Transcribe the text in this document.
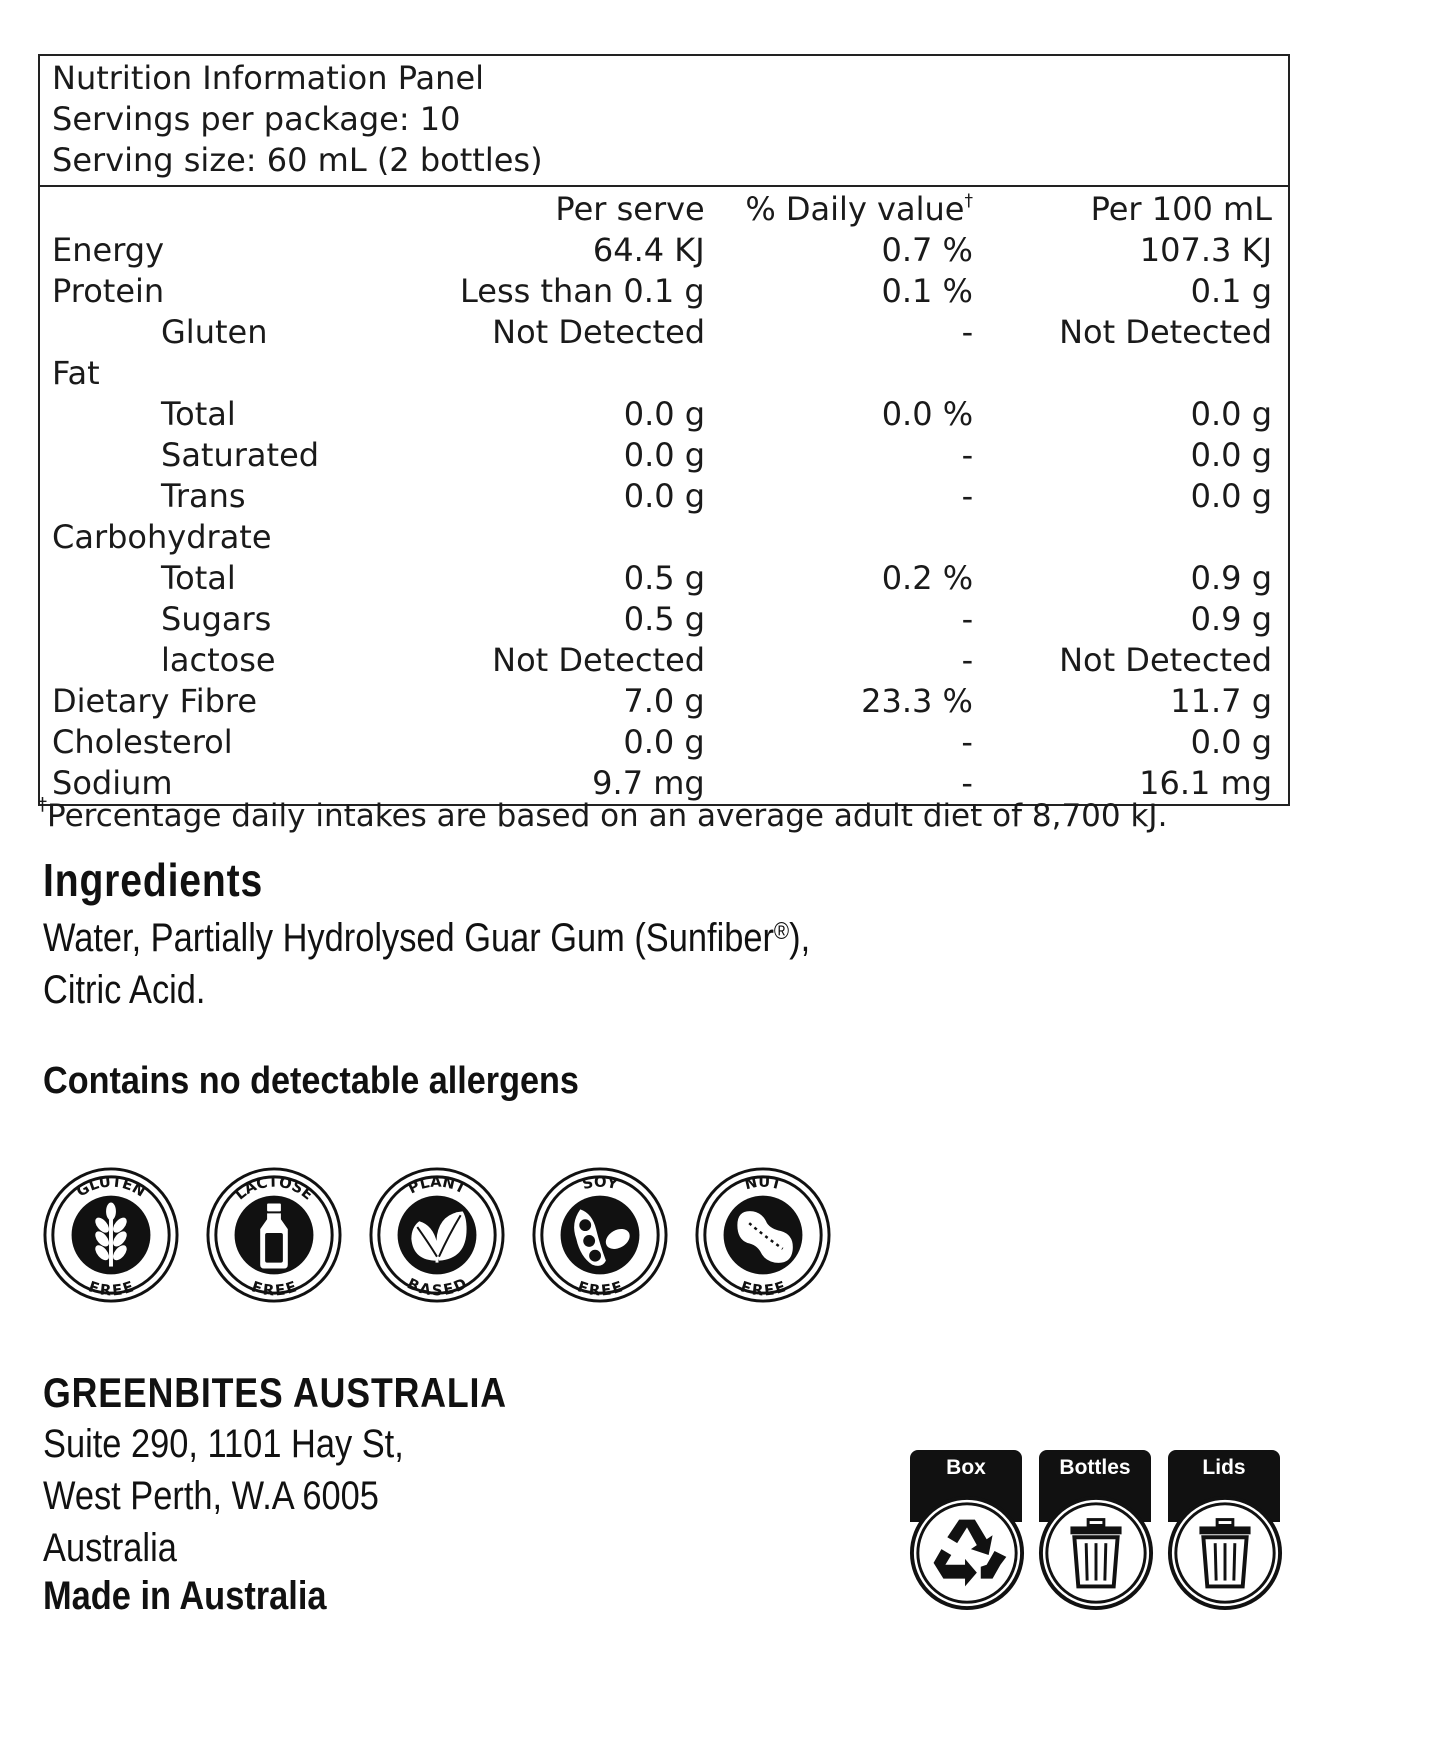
Nutrition Information Panel
Servings per package: 10
Serving size: 60 mL (2 bottles)
Per serve	% Daily value†	Per 100 mL
Energy	64.4 KJ	0.7 %	107.3 KJ
Protein	Less than 0.1 g	0.1 %	0.1 g
Gluten	Not Detected	-	Not Detected
Fat
Total	0.0 g	0.0 %	0.0 g
Saturated	0.0 g	-	0.0 g
Trans	0.0 g	-	0.0 g
Carbohydrate
Total	0.5 g	0.2 %	0.9 g
Sugars	0.5 g	-	0.9 g
lactose	Not Detected	-	Not Detected
Dietary Fibre	7.0 g	23.3 %	11.7 g
Cholesterol	0.0 g	-	0.0 g
Sodium	9.7 mg	-	16.1 mg
†Percentage daily intakes are based on an average adult diet of 8,700 kJ.
Ingredients
Water, Partially Hydrolysed Guar Gum (Sunfiber®),
Citric Acid.
Contains no detectable allergens
GLUTEN
FREE
LACTOSE
FREE
PLANT
BASED
SOY
FREE
NUT
FREE
GREENBITES AUSTRALIA
Suite 290, 1101 Hay St,
West Perth, W.A 6005
Australia
Made in Australia
Box	Bottles	Lids
